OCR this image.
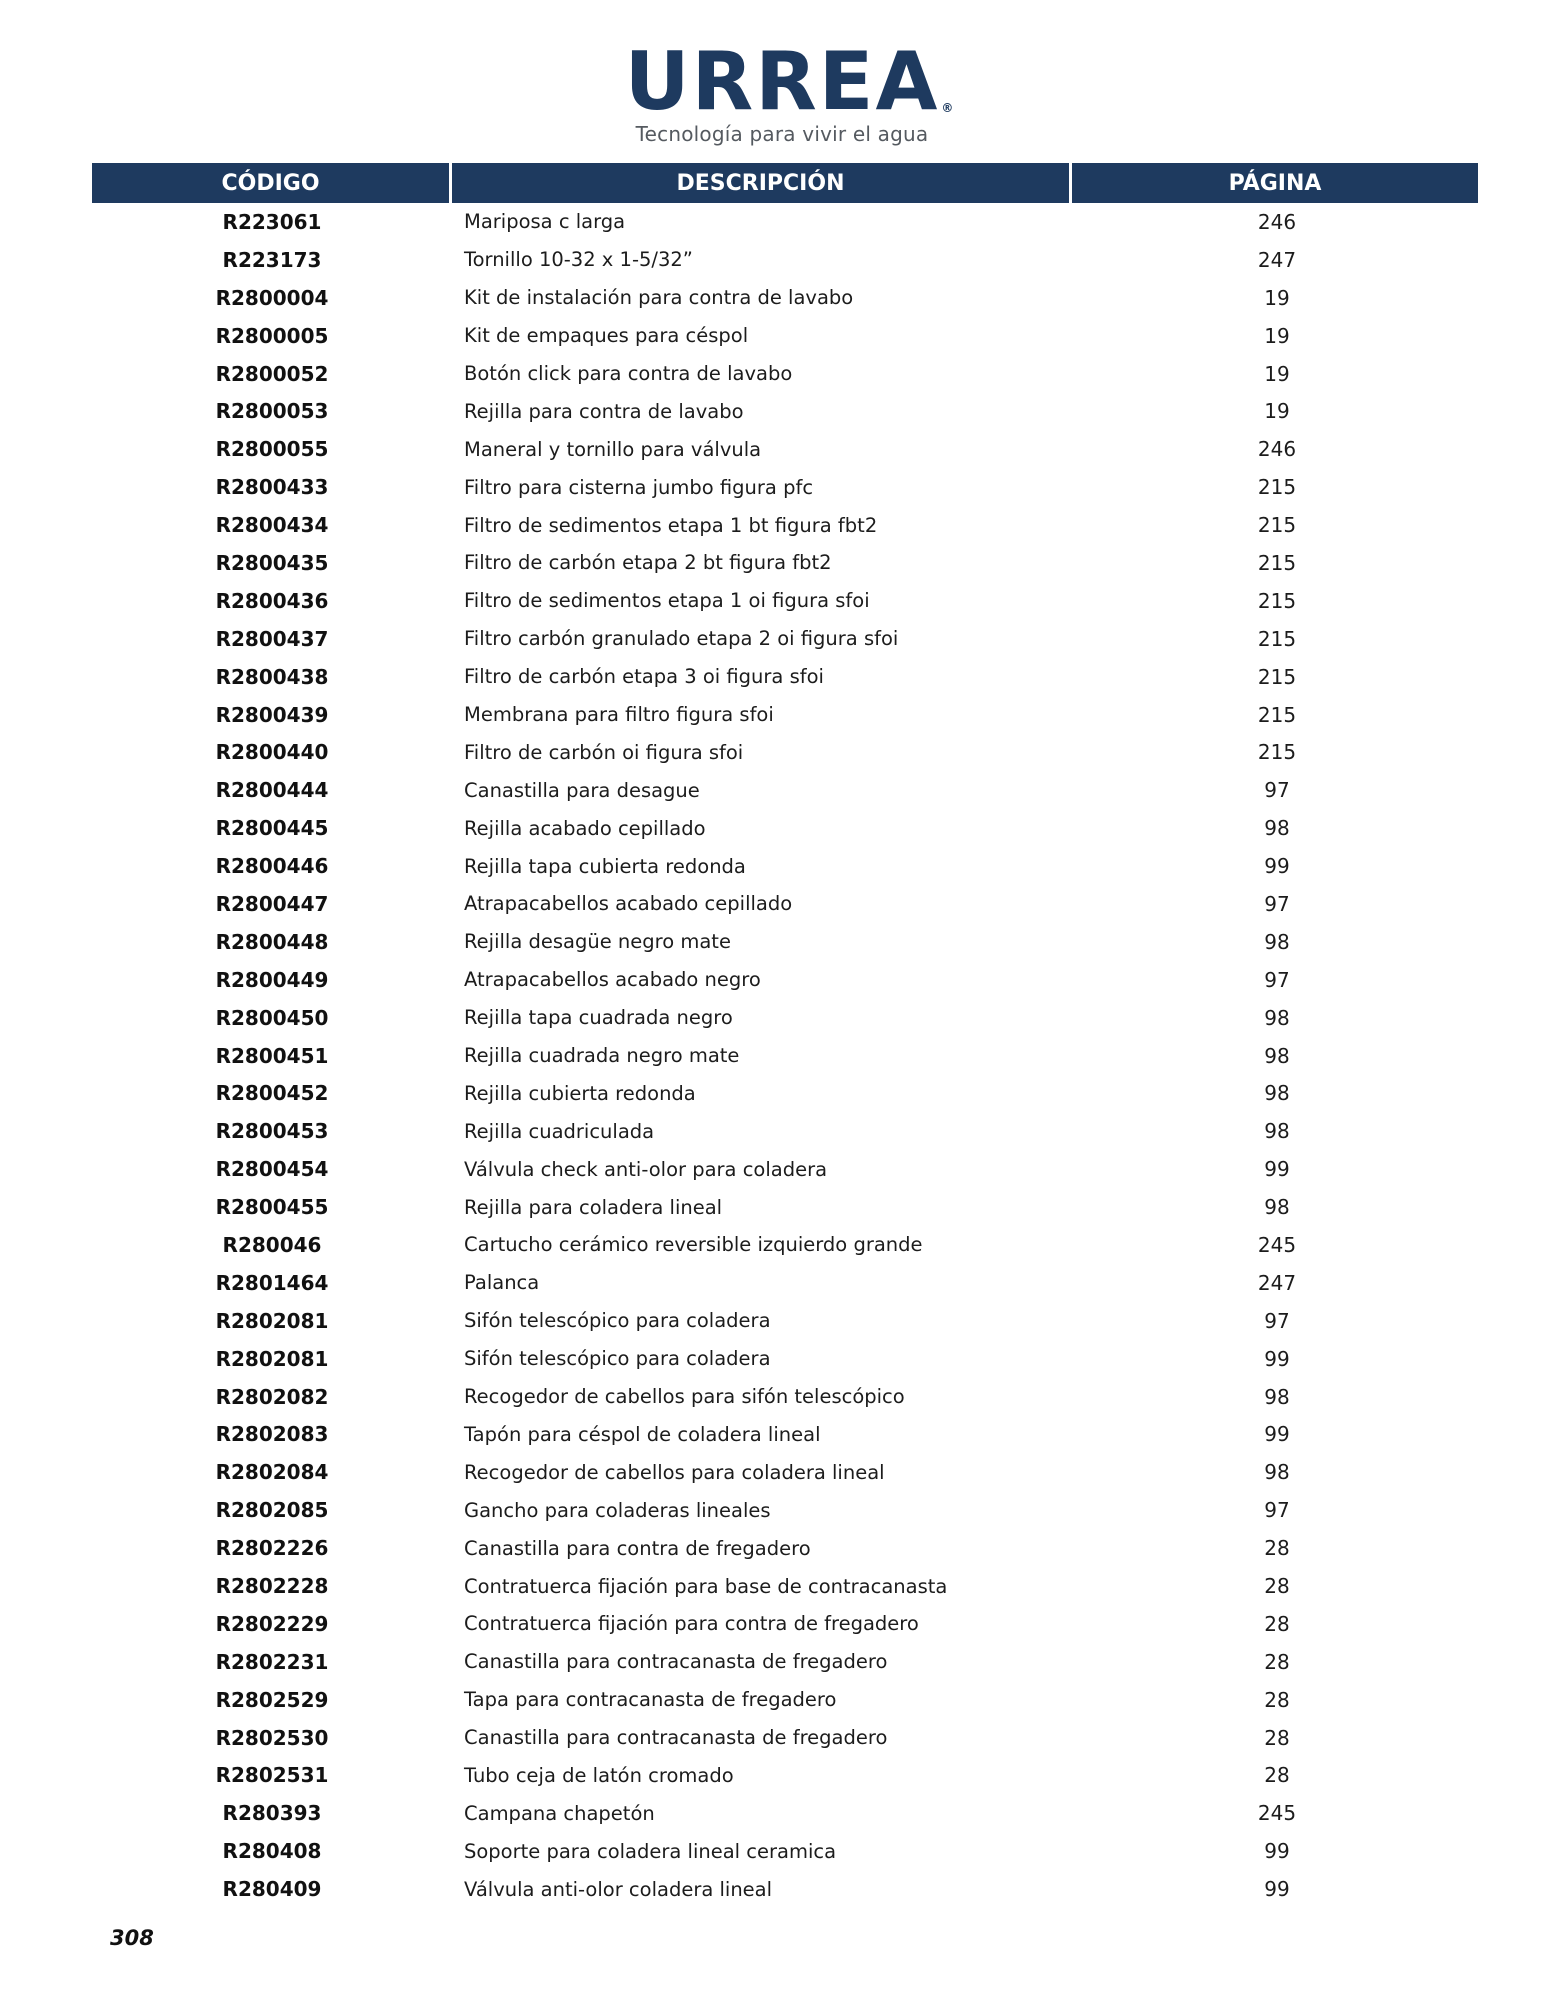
URREA ®
Tecnología para vivir el agua
CÓDIGO	DESCRIPCIÓN	PÁGINA
R223061	Mariposa c larga	246
R223173	Tornillo 10-32 x 1-5/32”	247
R2800004	Kit de instalación para contra de lavabo	19
R2800005	Kit de empaques para céspol	19
R2800052	Botón click para contra de lavabo	19
R2800053	Rejilla para contra de lavabo	19
R2800055	Maneral y tornillo para válvula	246
R2800433	Filtro para cisterna jumbo figura pfc	215
R2800434	Filtro de sedimentos etapa 1 bt figura fbt2	215
R2800435	Filtro de carbón etapa 2 bt figura fbt2	215
R2800436	Filtro de sedimentos etapa 1 oi figura sfoi	215
R2800437	Filtro carbón granulado etapa 2 oi figura sfoi	215
R2800438	Filtro de carbón etapa 3 oi figura sfoi	215
R2800439	Membrana para filtro figura sfoi	215
R2800440	Filtro de carbón oi figura sfoi	215
R2800444	Canastilla para desague	97
R2800445	Rejilla acabado cepillado	98
R2800446	Rejilla tapa cubierta redonda	99
R2800447	Atrapacabellos acabado cepillado	97
R2800448	Rejilla desagüe negro mate	98
R2800449	Atrapacabellos acabado negro	97
R2800450	Rejilla tapa cuadrada negro	98
R2800451	Rejilla cuadrada negro mate	98
R2800452	Rejilla cubierta redonda	98
R2800453	Rejilla cuadriculada	98
R2800454	Válvula check anti-olor para coladera	99
R2800455	Rejilla para coladera lineal	98
R280046	Cartucho cerámico reversible izquierdo grande	245
R2801464	Palanca	247
R2802081	Sifón telescópico para coladera	97
R2802081	Sifón telescópico para coladera	99
R2802082	Recogedor de cabellos para sifón telescópico	98
R2802083	Tapón para céspol de coladera lineal	99
R2802084	Recogedor de cabellos para coladera lineal	98
R2802085	Gancho para coladeras lineales	97
R2802226	Canastilla para contra de fregadero	28
R2802228	Contratuerca fijación para base de contracanasta	28
R2802229	Contratuerca fijación para contra de fregadero	28
R2802231	Canastilla para contracanasta de fregadero	28
R2802529	Tapa para contracanasta de fregadero	28
R2802530	Canastilla para contracanasta de fregadero	28
R2802531	Tubo ceja de latón cromado	28
R280393	Campana chapetón	245
R280408	Soporte para coladera lineal ceramica	99
R280409	Válvula anti-olor coladera lineal	99
308
